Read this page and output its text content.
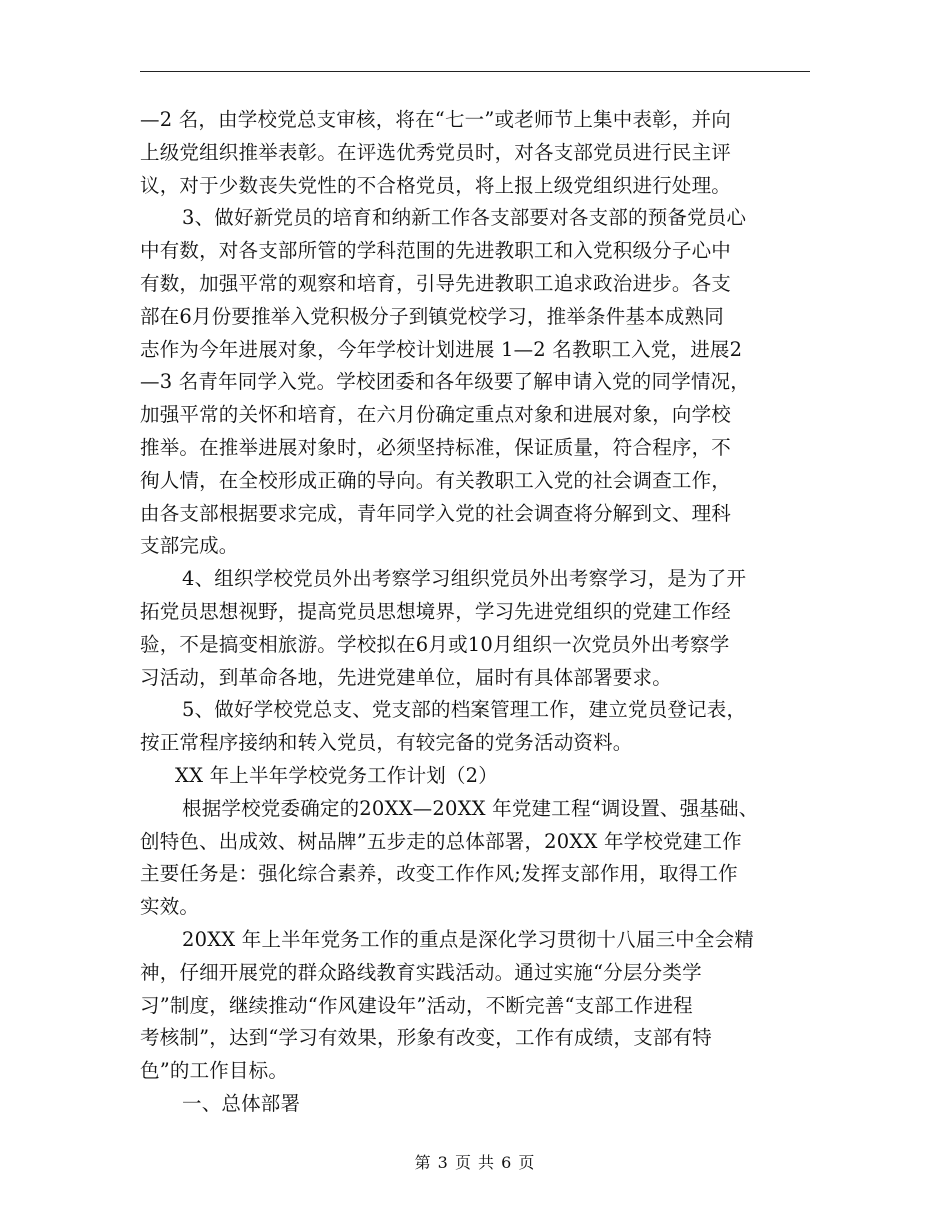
—2 名，由学校党总支审核，将在“七一”或老师节上集中表彰，并向
上级党组织推举表彰。在评选优秀党员时，对各支部党员进行民主评
议，对于少数丧失党性的不合格党员，将上报上级党组织进行处理。
3、做好新党员的培育和纳新工作各支部要对各支部的预备党员心
中有数，对各支部所管的学科范围的先进教职工和入党积级分子心中
有数，加强平常的观察和培育，引导先进教职工追求政治进步。各支
部在6月份要推举入党积极分子到镇党校学习，推举条件基本成熟同
志作为今年进展对象，今年学校计划进展 1—2 名教职工入党，进展2
—3 名青年同学入党。学校团委和各年级要了解申请入党的同学情况，
加强平常的关怀和培育，在六月份确定重点对象和进展对象，向学校
推举。在推举进展对象时，必须坚持标准，保证质量，符合程序，不
徇人情，在全校形成正确的导向。有关教职工入党的社会调查工作，
由各支部根据要求完成，青年同学入党的社会调查将分解到文、理科
支部完成。
4、组织学校党员外出考察学习组织党员外出考察学习，是为了开
拓党员思想视野，提高党员思想境界，学习先进党组织的党建工作经
验，不是搞变相旅游。学校拟在6月或10月组织一次党员外出考察学
习活动，到革命各地，先进党建单位，届时有具体部署要求。
5、做好学校党总支、党支部的档案管理工作，建立党员登记表，
按正常程序接纳和转入党员，有较完备的党务活动资料。
XX 年上半年学校党务工作计划（2）
根据学校党委确定的20XX—20XX 年党建工程“调设置、强基础、
创特色、出成效、树品牌”五步走的总体部署，20XX 年学校党建工作
主要任务是：强化综合素养，改变工作作风;发挥支部作用，取得工作
实效。
20XX 年上半年党务工作的重点是深化学习贯彻十八届三中全会精
神，仔细开展党的群众路线教育实践活动。通过实施“分层分类学
习”制度，继续推动“作风建设年”活动，不断完善“支部工作进程
考核制”，达到“学习有效果，形象有改变，工作有成绩，支部有特
色”的工作目标。
一、总体部署
第 3 页 共 6 页
